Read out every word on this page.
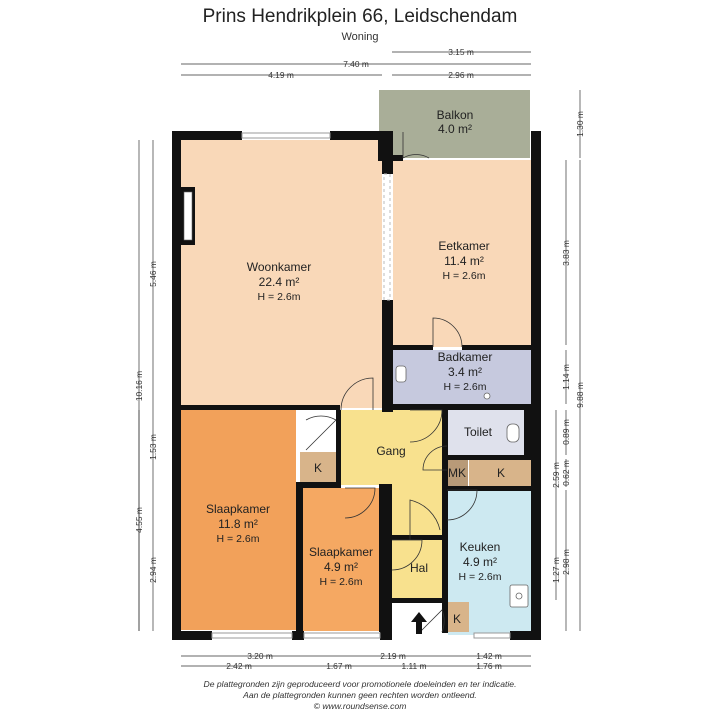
Prins Hendrikplein 66, Leidschendam
Woning
Balkon
4.0 m²
Woonkamer
22.4 m²
H = 2.6m
Eetkamer
11.4 m²
H = 2.6m
Badkamer
3.4 m²
H = 2.6m
Toilet
Gang
Slaapkamer
11.8 m²
H = 2.6m
Slaapkamer
4.9 m²
H = 2.6m
Keuken
4.9 m²
H = 2.6m
Hal
K	K
MK
K
3.15 m
7.40 m
4.19 m	2.96 m
3.20 m	2.19 m	1.42 m
2.42 m	1.67 m	1.11 m	1.76 m
10.16 m
5.46 m
1.53 m
4.55 m
2.94 m
1.30 m
9.88 m
3.83 m
1.14 m
0.89 m
0.62 m
2.59 m
1.27 m 2.98 m
De plattegronden zijn geproduceerd voor promotionele doeleinden en ter indicatie.
Aan de plattegronden kunnen geen rechten worden ontleend.
© www.roundsense.com
